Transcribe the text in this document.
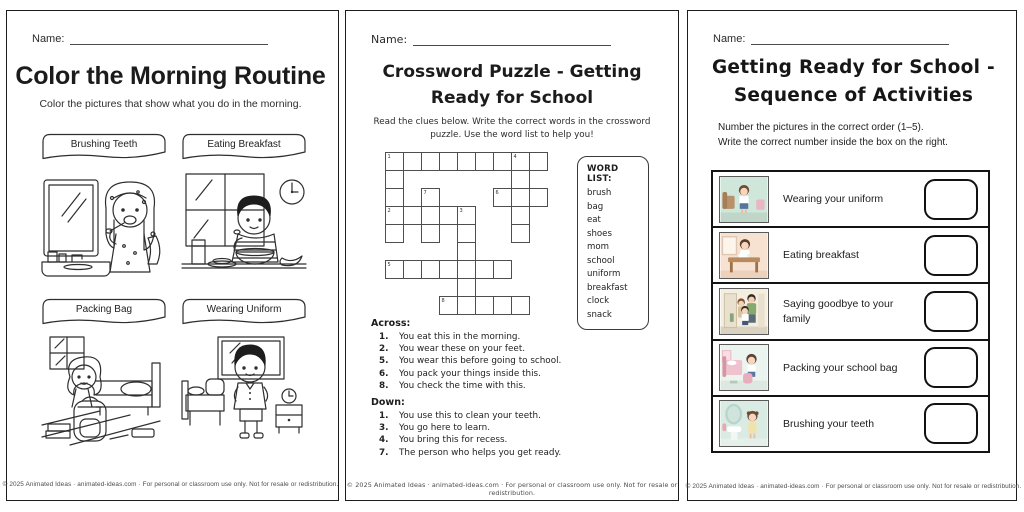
Name:
Color the Morning Routine
Color the pictures that show what you do in the morning.
Brushing Teeth	Eating Breakfast
Packing Bag	Wearing Uniform
© 2025 Animated Ideas · animated-ideas.com · For personal or classroom use only. Not for resale or redistribution.
Name:
Crossword Puzzle - Getting
Ready for School
Read the clues below. Write the correct words in the crossword
puzzle. Use the word list to help you!
1	4
7	6
2	3
5
8
WORD LIST:
brush
bag
eat
shoes
mom
school
uniform
breakfast
clock
snack
Across:
1.	You eat this in the morning.
2.	You wear these on your feet.
5.	You wear this before going to school.
6.	You pack your things inside this.
8.	You check the time with this.
Down:
1.	You use this to clean your teeth.
3.	You go here to learn.
4.	You bring this for recess.
7.	The person who helps you get ready.
© 2025 Animated Ideas · animated-ideas.com · For personal or classroom use only. Not for resale or redistribution.
Name:
Getting Ready for School -
Sequence of Activities
Number the pictures in the correct order (1–5).
Write the correct number inside the box on the right.
Wearing your uniform
Eating breakfast
Saying goodbye to your family
Packing your school bag
Brushing your teeth
© 2025 Animated Ideas · animated-ideas.com · For personal or classroom use only. Not for resale or redistribution.
